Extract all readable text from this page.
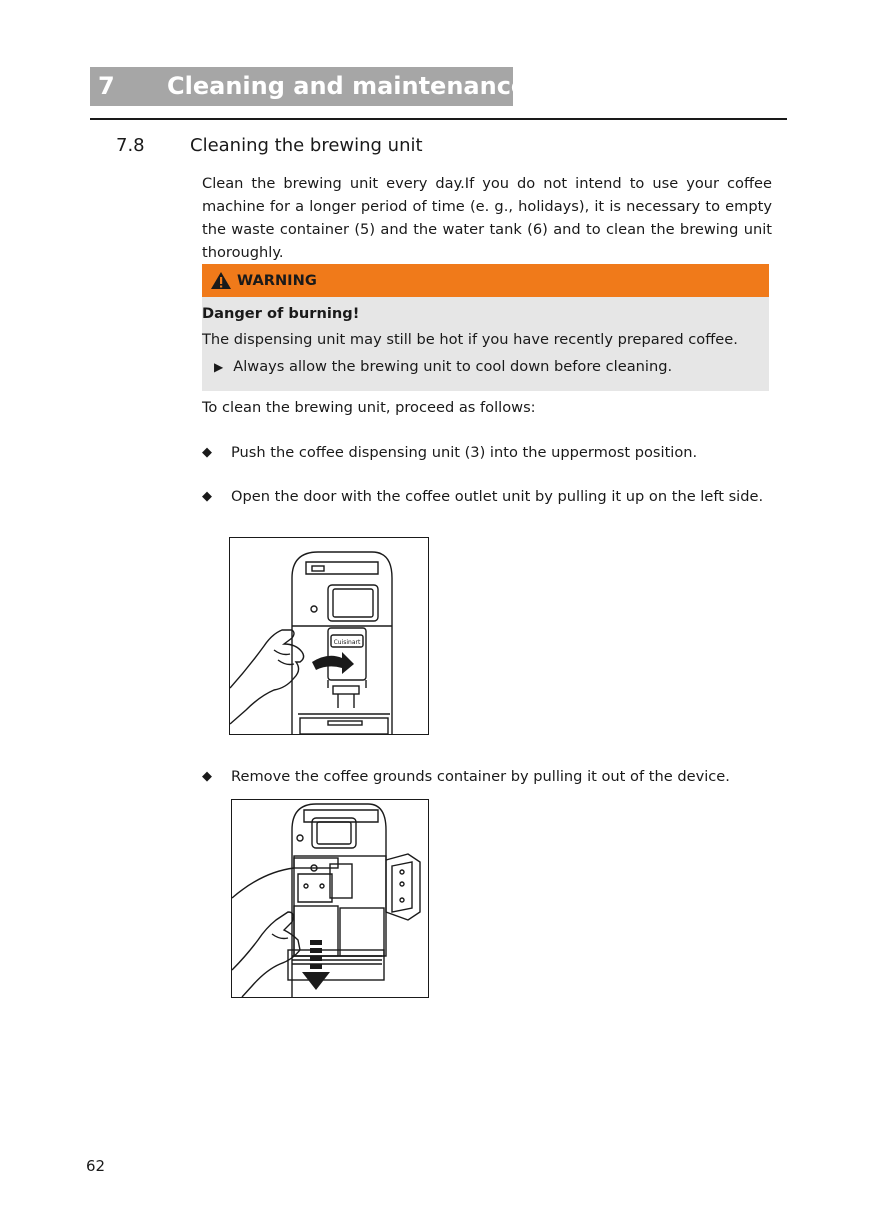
7 Cleaning and maintenance
7.8	Cleaning the brewing unit

Clean the brewing unit every day.If you do not intend to use your coffee machine for a longer period of time (e. g., holidays), it is necessary to empty the waste container (5) and the water tank (6) and to clean the brewing unit thoroughly.

WARNING
Danger of burning!
The dispensing unit may still be hot if you have recently prepared coffee.
▶ Always allow the brewing unit to cool down before cleaning.
To clean the brewing unit, proceed as follows:
◆ Push the coffee dispensing unit (3) into the uppermost position.
◆ Open the door with the coffee outlet unit by pulling it up on the left side.
Cuisinart
◆ Remove the coffee grounds container by pulling it out of the device.
62
